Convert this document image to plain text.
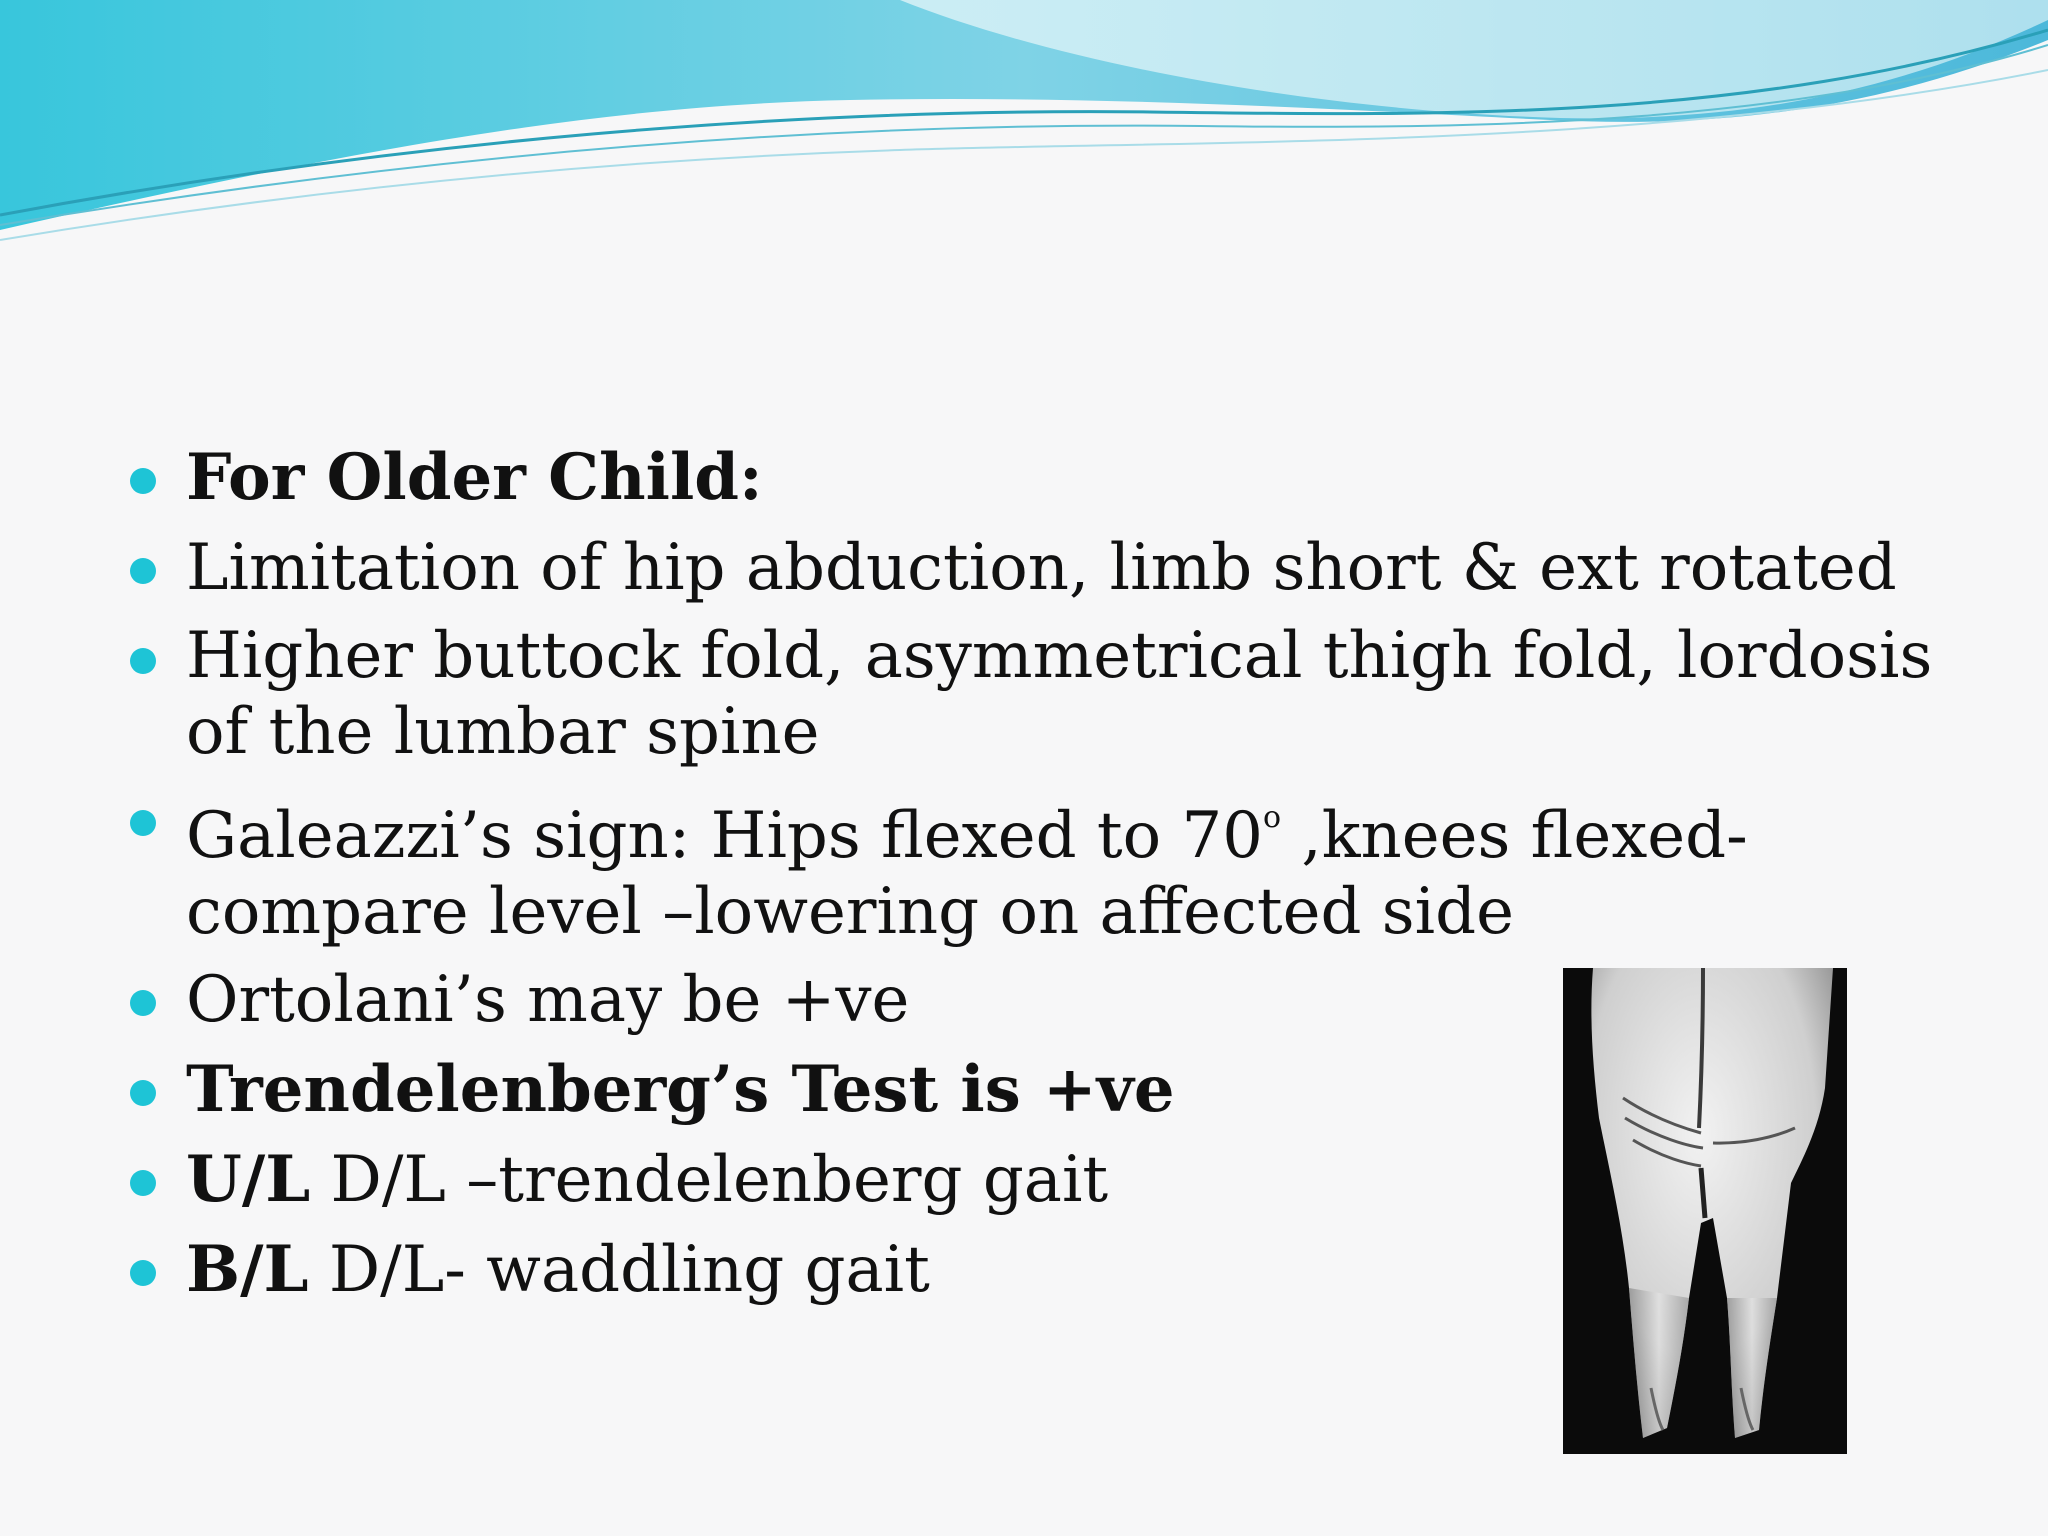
For Older Child:
Limitation of hip abduction, limb short & ext rotated
Higher buttock fold, asymmetrical thigh fold, lordosis of the lumbar spine
Galeazzi’s sign: Hips flexed to 70$^o$ ,knees flexed-compare level –lowering on affected side
Ortolani’s may be +ve
Trendelenberg’s Test is +ve
U/L D/L –trendelenberg gait
B/L D/L- waddling gait
